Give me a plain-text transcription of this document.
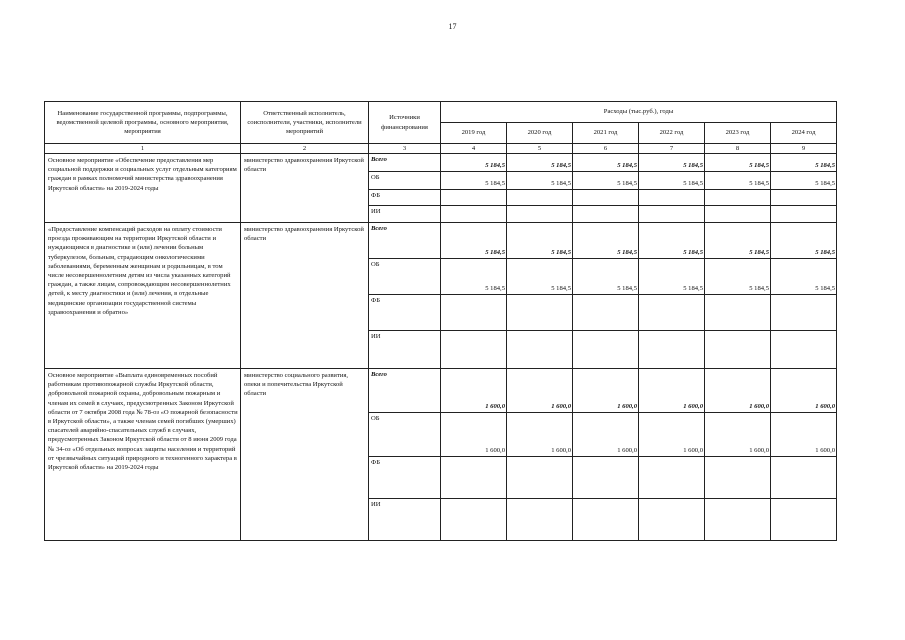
17
Наименование государственной программы, подпрограммы, ведомственной целевой программы, основного мероприятия, мероприятия	Ответственный исполнитель, соисполнители, участники, исполнители мероприятий	Источники финансирования	Расходы (тыс.руб.), годы					
			2019 год	2020 год	2021 год	2022 год	2023 год	2024 год
1	2	3	4	5	6	7	8	9
Основное мероприятие «Обеспечение предоставления мер социальной поддержки и социальных услуг отдельным категориям граждан в рамках полномочий министерства здравоохранения Иркутской области» на 2019-2024 годы	министерство здравоохранения Иркутской области	Всего	5 184,5	5 184,5	5 184,5	5 184,5	5 184,5	5 184,5
		ОБ	5 184,5	5 184,5	5 184,5	5 184,5	5 184,5	5 184,5
		ФБ						
		ИИ						
«Предоставление компенсаций расходов на оплату стоимости проезда проживающим на территории Иркутской области и нуждающимся в диагностике и (или) лечении больным туберкулезом, больным, страдающим онкологическими заболеваниями, беременным женщинам и родильницам, в том числе несовершеннолетним детям из числа указанных категорий граждан, а также лицам, сопровождающим несовершеннолетних детей, к месту диагностики и (или) лечения, в отдельные медицинские организации государственной системы здравоохранения и обратно»	министерство здравоохранения Иркутской области	Всего	5 184,5	5 184,5	5 184,5	5 184,5	5 184,5	5 184,5
		ОБ	5 184,5	5 184,5	5 184,5	5 184,5	5 184,5	5 184,5
		ФБ						
		ИИ						
Основное мероприятие «Выплата единовременных пособий работникам противопожарной службы Иркутской области, добровольной пожарной охраны, добровольным пожарным и членам их семей в случаях, предусмотренных Законом Иркутской области от 7 октября 2008 года № 78-оз «О пожарной безопасности в Иркутской области», а также членам семей погибших (умерших) спасателей аварийно-спасательных служб в случаях, предусмотренных Законом Иркутской области от 8 июня 2009 года № 34-оз «Об отдельных вопросах защиты населения и территорий от чрезвычайных ситуаций природного и техногенного характера в Иркутской области» на 2019-2024 годы	министерство социального развития, опеки и попечительства Иркутской области	Всего	1 600,0	1 600,0	1 600,0	1 600,0	1 600,0	1 600,0
		ОБ	1 600,0	1 600,0	1 600,0	1 600,0	1 600,0	1 600,0
		ФБ						
		ИИ						
